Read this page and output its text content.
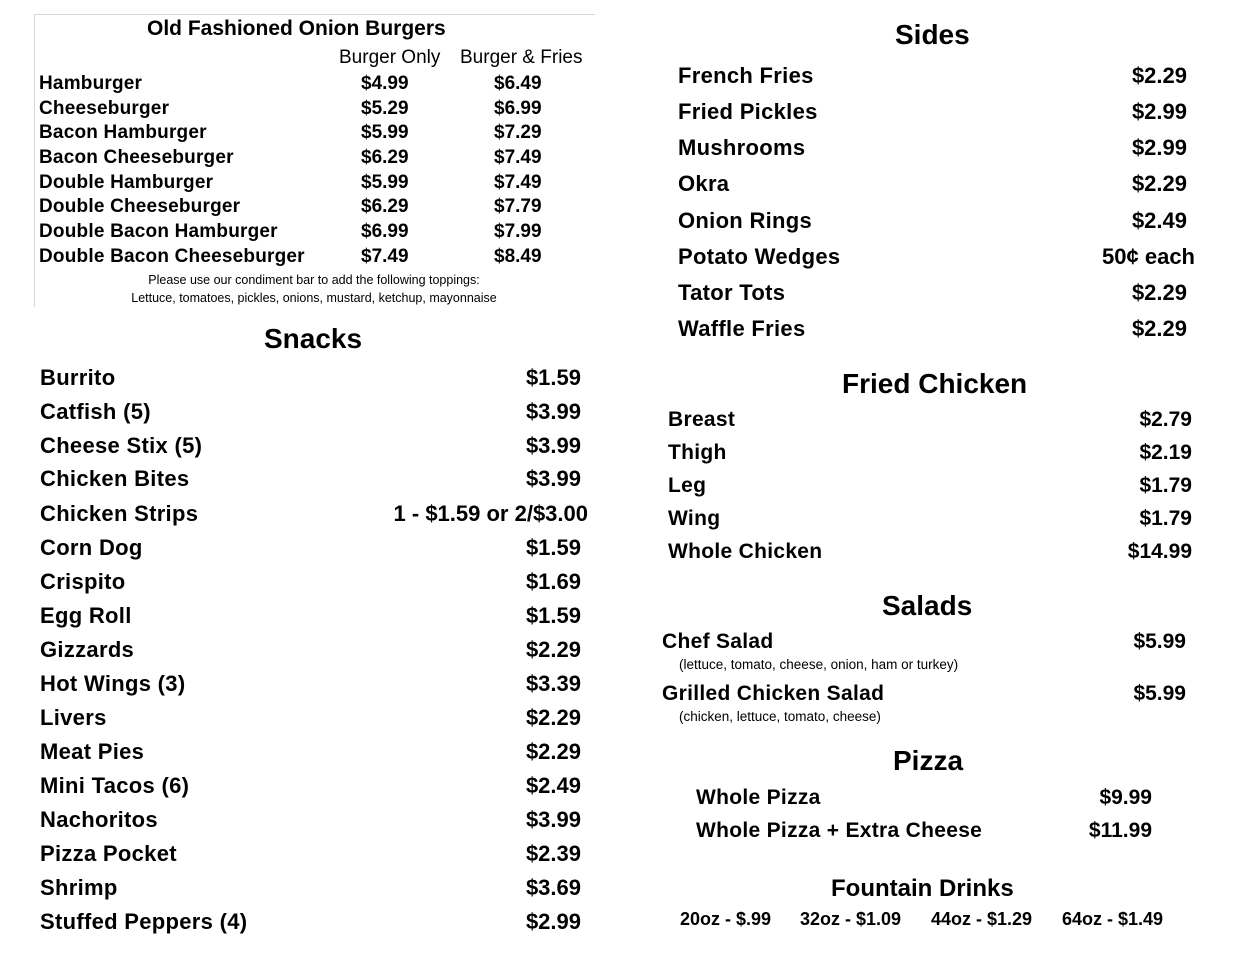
Old Fashioned Onion Burgers
Burger Only Burger & Fries
Hamburger	$4.99	$6.49
Cheeseburger	$5.29	$6.99
Bacon Hamburger	$5.99	$7.29
Bacon Cheeseburger	$6.29	$7.49
Double Hamburger	$5.99	$7.49
Double Cheeseburger	$6.29	$7.79
Double Bacon Hamburger	$6.99	$7.99
Double Bacon Cheeseburger	$7.49	$8.49
Please use our condiment bar to add the following toppings:
Lettuce, tomatoes, pickles, onions, mustard, ketchup, mayonnaise
Snacks
Burrito	$1.59
Catfish (5)	$3.99
Cheese Stix (5)	$3.99
Chicken Bites	$3.99
Chicken Strips	1 - $1.59 or 2/$3.00
Corn Dog	$1.59
Crispito	$1.69
Egg Roll	$1.59
Gizzards	$2.29
Hot Wings (3)	$3.39
Livers	$2.29
Meat Pies	$2.29
Mini Tacos (6)	$2.49
Nachoritos	$3.99
Pizza Pocket	$2.39
Shrimp	$3.69
Stuffed Peppers (4)	$2.99
Sides
French Fries	$2.29
Fried Pickles	$2.99
Mushrooms	$2.99
Okra	$2.29
Onion Rings	$2.49
Potato Wedges	50¢ each
Tator Tots	$2.29
Waffle Fries	$2.29
Fried Chicken
Breast	$2.79
Thigh	$2.19
Leg	$1.79
Wing	$1.79
Whole Chicken	$14.99
Salads
Chef Salad	$5.99
(lettuce, tomato, cheese, onion, ham or turkey)
Grilled Chicken Salad	$5.99
(chicken, lettuce, tomato, cheese)
Pizza
Whole Pizza	$9.99
Whole Pizza + Extra Cheese	$11.99
Fountain Drinks
20oz - $.99 32oz - $1.09 44oz - $1.29 64oz - $1.49
